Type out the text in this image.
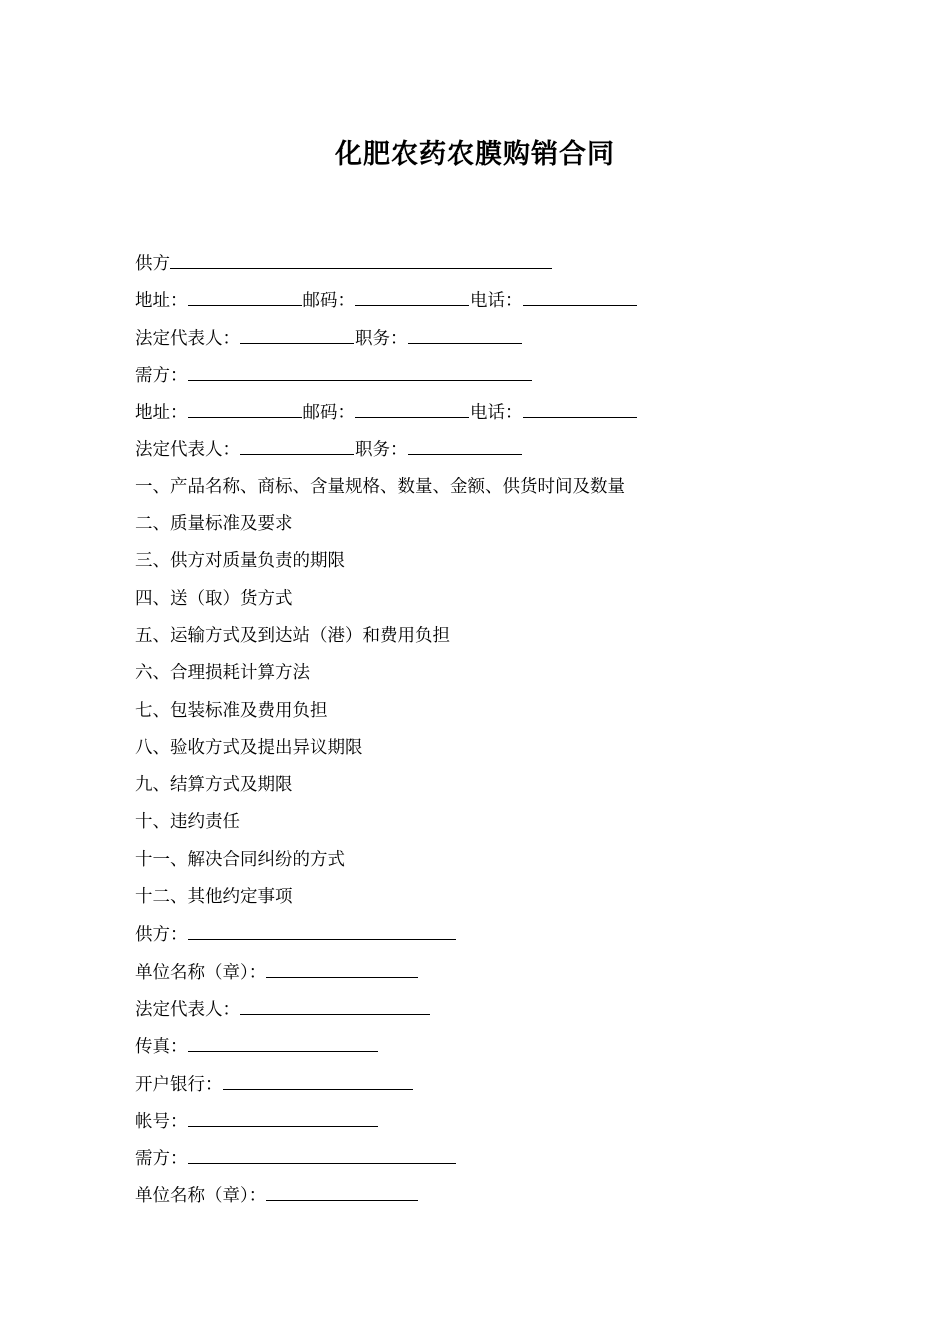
化肥农药农膜购销合同
供方
地址：	邮码：	电话：
法定代表人：	职务：
需方：
地址：	邮码：	电话：
法定代表人：	职务：
一、产品名称、商标、含量规格、数量、金额、供货时间及数量
二、质量标准及要求
三、供方对质量负责的期限
四、送（取）货方式
五、运输方式及到达站（港）和费用负担
六、合理损耗计算方法
七、包装标准及费用负担
八、验收方式及提出异议期限
九、结算方式及期限
十、违约责任
十一、解决合同纠纷的方式
十二、其他约定事项
供方：
单位名称（章）：
法定代表人：
传真：
开户银行：
帐号：
需方：
单位名称（章）：
